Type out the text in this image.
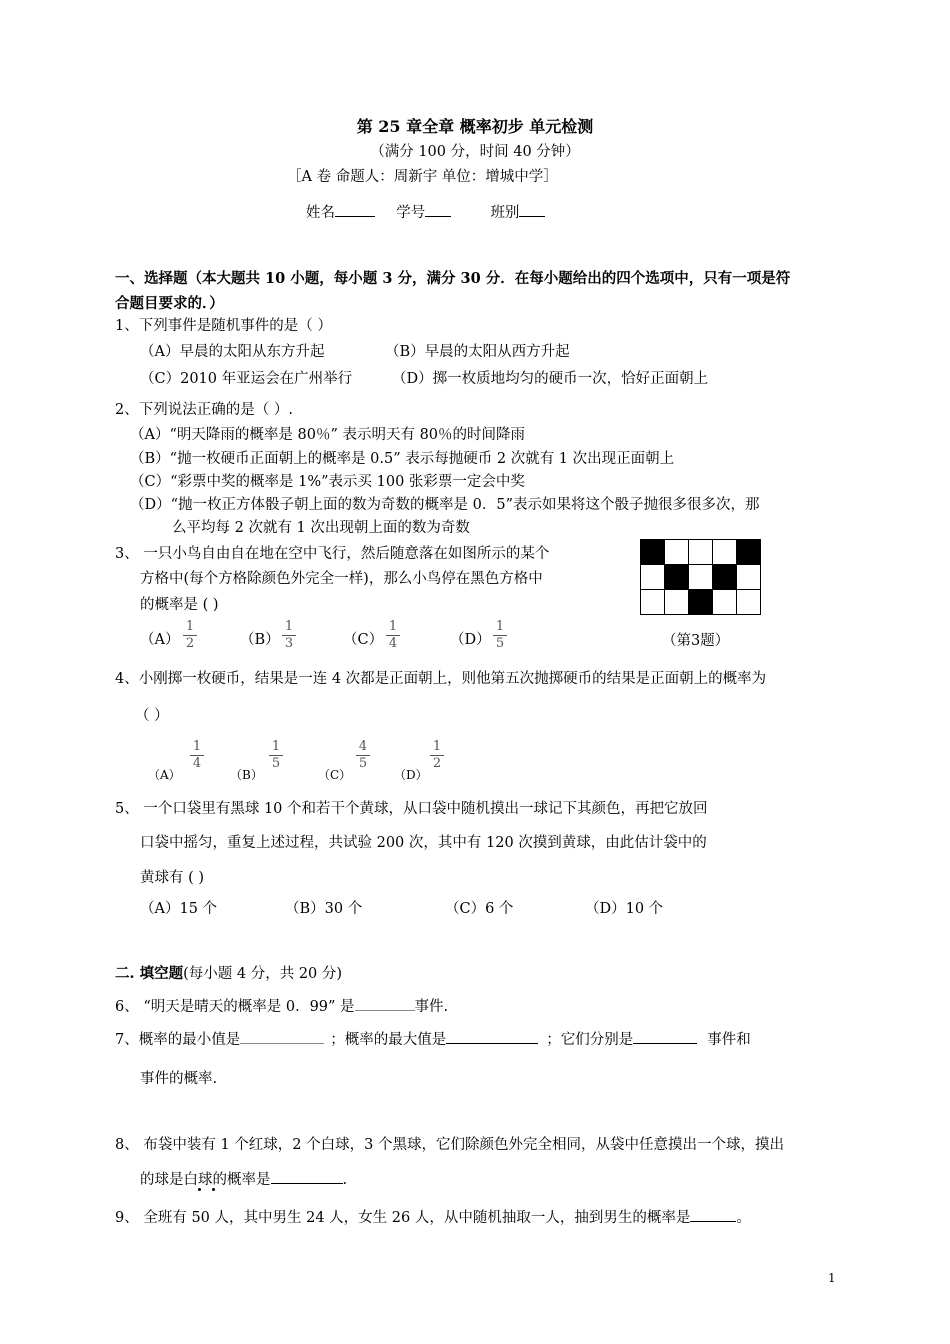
第 25 章全章 概率初步 单元检测
（满分 100 分，时间 40 分钟）
［A 卷 命题人：周新宇 单位：增城中学］
姓名	学号	班别
一、选择题（本大题共 10 小题，每小题 3 分，满分 30 分．在每小题给出的四个选项中，只有一项是符
合题目要求的．）
1、下列事件是随机事件的是（ ）
（A）早晨的太阳从东方升起	（B）早晨的太阳从西方升起
（C）2010 年亚运会在广州举行	（D）掷一枚质地均匀的硬币一次，恰好正面朝上
2、下列说法正确的是（ ）.
（A）“明天降雨的概率是 80％” 表示明天有 80％的时间降雨
（B）“抛一枚硬币正面朝上的概率是 0.5” 表示每抛硬币 2 次就有 1 次出现正面朝上
（C）“彩票中奖的概率是 1%”表示买 100 张彩票一定会中奖
（D）“抛一枚正方体骰子朝上面的数为奇数的概率是 0．5”表示如果将这个骰子抛很多很多次，那
么平均每 2 次就有 1 次出现朝上面的数为奇数
3、 一只小鸟自由自在地在空中飞行，然后随意落在如图所示的某个
方格中(每个方格除颜色外完全一样)，那么小鸟停在黑色方格中
的概率是 ( )
$(A) \frac{1}{2}$	$(B) \frac{1}{3}$	$(C) \frac{1}{4}$	$(D) \frac{1}{5}$	（第3题）
4、小刚掷一枚硬币，结果是一连 4 次都是正面朝上，则他第五次抛掷硬币的结果是正面朝上的概率为
（ ）
（A）
$\frac{1}{4}$
（B）
$\frac{1}{5}$
（C）
$\frac{4}{5}$
（D）
$\frac{1}{2}$
5、 一个口袋里有黑球 10 个和若干个黄球，从口袋中随机摸出一球记下其颜色，再把它放回
口袋中摇匀，重复上述过程，共试验 200 次，其中有 120 次摸到黄球，由此估计袋中的
黄球有 ( )
（A）15 个	（B）30 个	（C）6 个	（D）10 个
二. 填空题(每小题 4 分，共 20 分)
6、 “明天是晴天的概率是 0．99” 是	事件.
7、概率的最小值是	；概率的最大值是	；它们分别是	事件和
事件的概率.
8、 布袋中装有 1 个红球，2 个白球，3 个黑球，它们除颜色外完全相同，从袋中任意摸出一个球，摸出
的球是白球的概率是	.
9、 全班有 50 人，其中男生 24 人，女生 26 人，从中随机抽取一人，抽到男生的概率是	。
1
